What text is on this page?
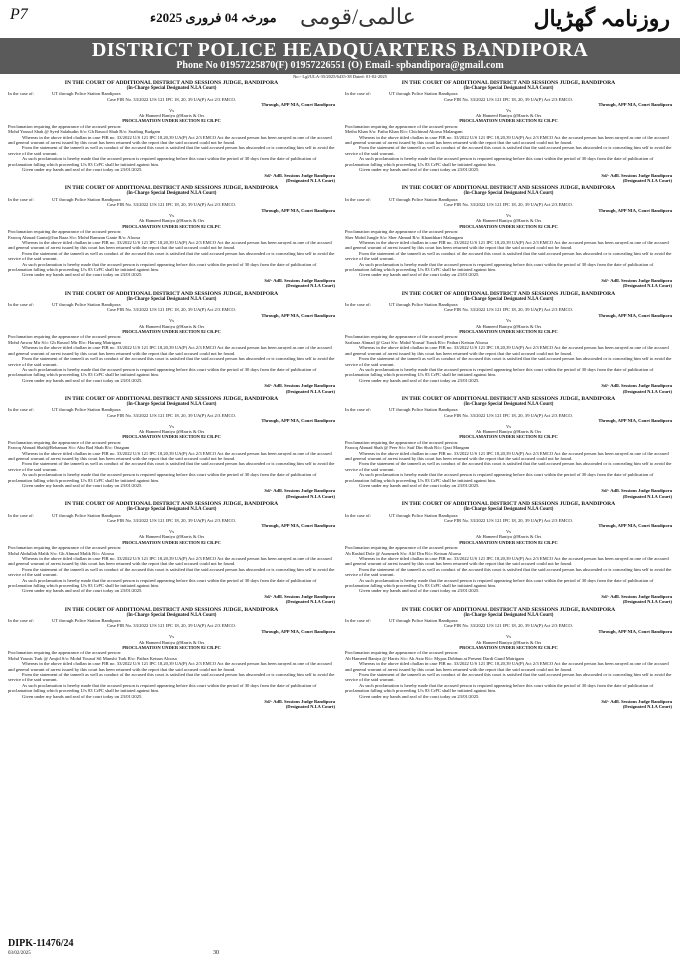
P7	مورخہ 04 فروری 2025ء عالمی/قومی	روزنامہ گھڑیال
DISTRICT POLICE HEADQUARTERS BANDIPORA
Phone No 01957225870(F) 01957226551 (O) Email- spbandipora@gmail.com
No:- Lgl/ULA-35/2025/6435-38 Dated: 01-02-2025
IN THE COURT OF ADDITIONAL DISTRICT AND SESSIONS JUDGE, BANDIPORA
(In-Charge Special Designated N.I.A Court)
In the case of:	UT through Police Station Bandipora
Case FIR No. 33/2022 U/S 121 IPC 18, 20, 39 UA(P) Act 2/3 EMCO.
Through, APP NIA, Court Bandipora
Vs
Ab Hameed Baniya @Harris & Ors
PROCLAMATION UNDER SECTION 82 CR.PC
Proclamation requiring the appearance of the accused person:
Mohd Yousuf Shah @ Syed Salahudin S/o: Gh Rasool Shah R/o: Soaibug Budgam
Whereas in the above titled challan in case FIR no. 33/2022 U/S 121 IPC 18,20,39 UA(P) Act 2/3 EMCO Act the accused person has been arrayed as one of the accused and general warrant of arrest issued by this court has been returned with the report that the said accused could not be found.
From the statement of the tameeli as well as conduct of the accused this court is satisfied that the said accused person has absconded or is concealing him self to avoid the service of the said warrant.
As such proclamation is hereby made that the accused person is required appearing before this court within the period of 30 days from the date of publication of proclamation falling which proceeding U/s 83 CrPC shall be initiated against him.
Given under my hands and seal of the court today on 23/01/2025.
Sd/- Adll. Sessions Judge Bandipora
(Designated N.I.A Court)
IN THE COURT OF ADDITIONAL DISTRICT AND SESSIONS JUDGE, BANDIPORA
(In-Charge Special Designated N.I.A Court)
In the case of:	UT through Police Station Bandipora
Case FIR No. 33/2022 U/S 121 IPC 18, 20, 39 UA(P) Act 2/3 EMCO.
Through, APP NIA, Court Bandipora
Vs
Ab Hameed Baniya @Harris & Ors
PROCLAMATION UNDER SECTION 82 CR.PC
Proclamation requiring the appearance of the accused person:
Farooq Ahmad Ganie@Jan Baaz S/o: Mohd Ramzan Ganie R/o: Aloosa
Whereas in the above titled challan in case FIR no. 33/2022 U/S 121 IPC 18,20,39 UA(P) Act 2/3 EMCO Act the accused person has been arrayed as one of the accused and general warrant of arrest issued by this court has been returned with the report that the said accused could not be found.
From the statement of the tameeli as well as conduct of the accused this court is satisfied that the said accused person has absconded or is concealing him self to avoid the service of the said warrant.
As such proclamation is hereby made that the accused person is required appearing before this court within the period of 30 days from the date of publication of proclamation falling which proceeding U/s 83 CrPC shall be initiated against him.
Given under my hands and seal of the court today on 23/01/2025.
Sd/- Adll. Sessions Judge Bandipora
(Designated N.I.A Court)
IN THE COURT OF ADDITIONAL DISTRICT AND SESSIONS JUDGE, BANDIPORA
(In-Charge Special Designated N.I.A Court)
In the case of:	UT through Police Station Bandipora
Case FIR No. 33/2022 U/S 121 IPC 18, 20, 39 UA(P) Act 2/3 EMCO.
Through, APP NIA, Court Bandipora
Vs
Ab Hameed Baniya @Harris & Ors
PROCLAMATION UNDER SECTION 82 CR.PC
Proclamation requiring the appearance of the accused person:
Mohd Anwar Mir S/o: Gh Rasool Mir R/o: Harung Matrigam
Whereas in the above titled challan in case FIR no. 33/2022 U/S 121 IPC 18,20,39 UA(P) Act 2/3 EMCO Act the accused person has been arrayed as one of the accused and general warrant of arrest issued by this court has been returned with the report that the said accused could not be found.
From the statement of the tameeli as well as conduct of the accused this court is satisfied that the said accused person has absconded or is concealing him self to avoid the service of the said warrant.
As such proclamation is hereby made that the accused person is required appearing before this court within the period of 30 days from the date of publication of proclamation falling which proceeding U/s 83 CrPC shall be initiated against him.
Given under my hands and seal of the court today on 23/01/2025.
Sd/- Adll. Sessions Judge Bandipora
(Designated N.I.A Court)
IN THE COURT OF ADDITIONAL DISTRICT AND SESSIONS JUDGE, BANDIPORA
(In-Charge Special Designated N.I.A Court)
In the case of:	UT through Police Station Bandipora
Case FIR No. 33/2022 U/S 121 IPC 18, 20, 39 UA(P) Act 2/3 EMCO.
Through, APP NIA, Court Bandipora
Vs
Ab Hameed Baniya @Harris & Ors
PROCLAMATION UNDER SECTION 82 CR.PC
Proclamation requiring the appearance of the accused person:
Farooq Ahmad Shah@Rehaman S/o: Abu Bad Shah R/o: Onagam
Whereas in the above titled challan in case FIR no. 33/2022 U/S 121 IPC 18,20,39 UA(P) Act 2/3 EMCO Act the accused person has been arrayed as one of the accused and general warrant of arrest issued by this court has been returned with the report that the said accused could not be found.
From the statement of the tameeli as well as conduct of the accused this court is satisfied that the said accused person has absconded or is concealing him self to avoid the service of the said warrant.
As such proclamation is hereby made that the accused person is required appearing before this court within the period of 30 days from the date of publication of proclamation falling which proceeding U/s 83 CrPC shall be initiated against him.
Given under my hands and seal of the court today on 23/01/2025.
Sd/- Adll. Sessions Judge Bandipora
(Designated N.I.A Court)
IN THE COURT OF ADDITIONAL DISTRICT AND SESSIONS JUDGE, BANDIPORA
(In-Charge Special Designated N.I.A Court)
In the case of:	UT through Police Station Bandipora
Case FIR No. 33/2022 U/S 121 IPC 18, 20, 39 UA(P) Act 2/3 EMCO.
Through, APP NIA, Court Bandipora
Vs
Ab Hameed Baniya @Harris & Ors
PROCLAMATION UNDER SECTION 82 CR.PC
Proclamation requiring the appearance of the accused person:
Mohd Abdullah Malik S/o: Gh Ahmad Malik R/o: Aloosa
Whereas in the above titled challan in case FIR no. 33/2022 U/S 121 IPC 18,20,39 UA(P) Act 2/3 EMCO Act the accused person has been arrayed as one of the accused and general warrant of arrest issued by this court has been returned with the report that the said accused could not be found.
From the statement of the tameeli as well as conduct of the accused this court is satisfied that the said accused person has absconded or is concealing him self to avoid the service of the said warrant.
As such proclamation is hereby made that the accused person is required appearing before this court within the period of 30 days from the date of publication of proclamation falling which proceeding U/s 83 CrPC shall be initiated against him.
Given under my hands and seal of the court today on 23/01/2025.
Sd/- Adll. Sessions Judge Bandipora
(Designated N.I.A Court)
IN THE COURT OF ADDITIONAL DISTRICT AND SESSIONS JUDGE, BANDIPORA
(In-Charge Special Designated N.I.A Court)
In the case of:	UT through Police Station Bandipora
Case FIR No. 33/2022 U/S 121 IPC 18, 20, 39 UA(P) Act 2/3 EMCO.
Through, APP NIA, Court Bandipora
Vs
Ab Hameed Baniya @Harris & Ors
PROCLAMATION UNDER SECTION 82 CR.PC
Proclamation requiring the appearance of the accused person:
Mohd Younis Turk @ Amjid S/o: Mohd Yousuf Sil Munshi Turk R/o: Pathra Ketsun Aloosa
Whereas in the above titled challan in case FIR no. 33/2022 U/S 121 IPC 18,20,39 UA(P) Act 2/3 EMCO Act the accused person has been arrayed as one of the accused and general warrant of arrest issued by this court has been returned with the report that the said accused could not be found.
From the statement of the tameeli as well as conduct of the accused this court is satisfied that the said accused person has absconded or is concealing him self to avoid the service of the said warrant.
As such proclamation is hereby made that the accused person is required appearing before this court within the period of 30 days from the date of publication of proclamation falling which proceeding U/s 83 CrPC shall be initiated against him.
Given under my hands and seal of the court today on 23/01/2025.
Sd/- Adll. Sessions Judge Bandipora
(Designated N.I.A Court)
IN THE COURT OF ADDITIONAL DISTRICT AND SESSIONS JUDGE, BANDIPORA
(In-Charge Special Designated N.I.A Court)
In the case of:	UT through Police Station Bandipora
Case FIR No. 33/2022 U/S 121 IPC 18, 20, 39 UA(P) Act 2/3 EMCO.
Through, APP NIA, Court Bandipora
Vs
Ab Hameed Baniya @Harris & Ors
PROCLAMATION UNDER SECTION 82 CR.PC
Proclamation requiring the appearance of the accused person:
Metha Khan S/o: Fatha Khan R/o: Chichinad Aloosa Malangam
Whereas in the above titled challan in case FIR no. 33/2022 U/S 121 IPC 18,20,39 UA(P) Act 2/3 EMCO Act the accused person has been arrayed as one of the accused and general warrant of arrest issued by this court has been returned with the report that the said accused could not be found.
From the statement of the tameeli as well as conduct of the accused this court is satisfied that the said accused person has absconded or is concealing him self to avoid the service of the said warrant.
As such proclamation is hereby made that the accused person is required appearing before this court within the period of 30 days from the date of publication of proclamation falling which proceeding U/s 83 CrPC shall be initiated against him.
Given under my hands and seal of the court today on 23/01/2025.
Sd/- Adll. Sessions Judge Bandipora
(Designated N.I.A Court)
IN THE COURT OF ADDITIONAL DISTRICT AND SESSIONS JUDGE, BANDIPORA
(In-Charge Special Designated N.I.A Court)
In the case of:	UT through Police Station Bandipora
Case FIR No. 33/2022 U/S 121 IPC 18, 20, 39 UA(P) Act 2/3 EMCO.
Through, APP NIA, Court Bandipora
Vs
Ab Hameed Baniya @Harris & Ors
PROCLAMATION UNDER SECTION 82 CR.PC
Proclamation requiring the appearance of the accused person:
Sher Mohd Jungle S/o: Sher Ahmad R/o: Khanthkari Malangam
Whereas in the above titled challan in case FIR no. 33/2022 U/S 121 IPC 18,20,39 UA(P) Act 2/3 EMCO Act the accused person has been arrayed as one of the accused and general warrant of arrest issued by this court has been returned with the report that the said accused could not be found.
From the statement of the tameeli as well as conduct of the accused this court is satisfied that the said accused person has absconded or is concealing him self to avoid the service of the said warrant.
As such proclamation is hereby made that the accused person is required appearing before this court within the period of 30 days from the date of publication of proclamation falling which proceeding U/s 83 CrPC shall be initiated against him.
Given under my hands and seal of the court today on 23/01/2025.
Sd/- Adll. Sessions Judge Bandipora
(Designated N.I.A Court)
IN THE COURT OF ADDITIONAL DISTRICT AND SESSIONS JUDGE, BANDIPORA
(In-Charge Special Designated N.I.A Court)
In the case of:	UT through Police Station Bandipora
Case FIR No. 33/2022 U/S 121 IPC 18, 20, 39 UA(P) Act 2/3 EMCO.
Through, APP NIA, Court Bandipora
Vs
Ab Hameed Baniya @Harris & Ors
PROCLAMATION UNDER SECTION 82 CR.PC
Proclamation requiring the appearance of the accused person:
Sarfaraz Ahmad @ Gazi S/o: Mohd Yousuf Turuk R/o: Pathari Ketsun Aloosa
Whereas in the above titled challan in case FIR no. 33/2022 U/S 121 IPC 18,20,39 UA(P) Act 2/3 EMCO Act the accused person has been arrayed as one of the accused and general warrant of arrest issued by this court has been returned with the report that the said accused could not be found.
From the statement of the tameeli as well as conduct of the accused this court is satisfied that the said accused person has absconded or is concealing him self to avoid the service of the said warrant.
As such proclamation is hereby made that the accused person is required appearing before this court within the period of 30 days from the date of publication of proclamation falling which proceeding U/s 83 CrPC shall be initiated against him.
Given under my hands and seal of the court today on 23/01/2025.
Sd/- Adll. Sessions Judge Bandipora
(Designated N.I.A Court)
IN THE COURT OF ADDITIONAL DISTRICT AND SESSIONS JUDGE, BANDIPORA
(In-Charge Special Designated N.I.A Court)
In the case of:	UT through Police Station Bandipora
Case FIR No. 33/2022 U/S 121 IPC 18, 20, 39 UA(P) Act 2/3 EMCO.
Through, APP NIA, Court Bandipora
Vs
Ab Hameed Baniya @Harris & Ors
PROCLAMATION UNDER SECTION 82 CR.PC
Proclamation requiring the appearance of the accused person:
Farooq Ahmad Shah @ Peer S/o: Saif Din Shah R/o: Qazi Mangam
Whereas in the above titled challan in case FIR no. 33/2022 U/S 121 IPC 18,20,39 UA(P) Act 2/3 EMCO Act the accused person has been arrayed as one of the accused and general warrant of arrest issued by this court has been returned with the report that the said accused could not be found.
From the statement of the tameeli as well as conduct of the accused this court is satisfied that the said accused person has absconded or is concealing him self to avoid the service of the said warrant.
As such proclamation is hereby made that the accused person is required appearing before this court within the period of 30 days from the date of publication of proclamation falling which proceeding U/s 83 CrPC shall be initiated against him.
Given under my hands and seal of the court today on 23/01/2025.
Sd/- Adll. Sessions Judge Bandipora
(Designated N.I.A Court)
IN THE COURT OF ADDITIONAL DISTRICT AND SESSIONS JUDGE, BANDIPORA
(In-Charge Special Designated N.I.A Court)
In the case of:	UT through Police Station Bandipora
Case FIR No. 33/2022 U/S 121 IPC 18, 20, 39 UA(P) Act 2/3 EMCO.
Through, APP NIA, Court Bandipora
Vs
Ab Hameed Baniya @Harris & Ors
PROCLAMATION UNDER SECTION 82 CR.PC
Proclamation requiring the appearance of the accused person:
Ab Rashid Dole @ Aurunzeb S/o: Alif Din R/o: Ketsun Aloosa
Whereas in the above titled challan in case FIR no. 33/2022 U/S 121 IPC 18,20,39 UA(P) Act 2/3 EMCO Act the accused person has been arrayed as one of the accused and general warrant of arrest issued by this court has been returned with the report that the said accused could not be found.
From the statement of the tameeli as well as conduct of the accused this court is satisfied that the said accused person has absconded or is concealing him self to avoid the service of the said warrant.
As such proclamation is hereby made that the accused person is required appearing before this court within the period of 30 days from the date of publication of proclamation falling which proceeding U/s 83 CrPC shall be initiated against him.
Given under my hands and seal of the court today on 23/01/2025.
Sd/- Adll. Sessions Judge Bandipora
(Designated N.I.A Court)
IN THE COURT OF ADDITIONAL DISTRICT AND SESSIONS JUDGE, BANDIPORA
(In-Charge Special Designated N.I.A Court)
In the case of:	UT through Police Station Bandipora
Case FIR No. 33/2022 U/S 121 IPC 18, 20, 39 UA(P) Act 2/3 EMCO.
Through, APP NIA, Court Bandipora
Vs
Ab Hameed Baniya @Harris & Ors
PROCLAMATION UNDER SECTION 82 CR.PC
Proclamation requiring the appearance of the accused person:
Ab Hameed Baniya @ Harris S/o: Ab Aziz R/o: Mypas Dobbun at Present Dardi Gund Matrigam
Whereas in the above titled challan in case FIR no. 33/2022 U/S 121 IPC 18,20,39 UA(P) Act 2/3 EMCO Act the accused person has been arrayed as one of the accused and general warrant of arrest issued by this court has been returned with the report that the said accused could not be found.
From the statement of the tameeli as well as conduct of the accused this court is satisfied that the said accused person has absconded or is concealing him self to avoid the service of the said warrant.
As such proclamation is hereby made that the accused person is required appearing before this court within the period of 30 days from the date of publication of proclamation falling which proceeding U/s 83 CrPC shall be initiated against him.
Given under my hands and seal of the court today on 23/01/2025.
Sd/- Adll. Sessions Judge Bandipora
(Designated N.I.A Court)
DIPK-11476/24
03/02/2025	30
